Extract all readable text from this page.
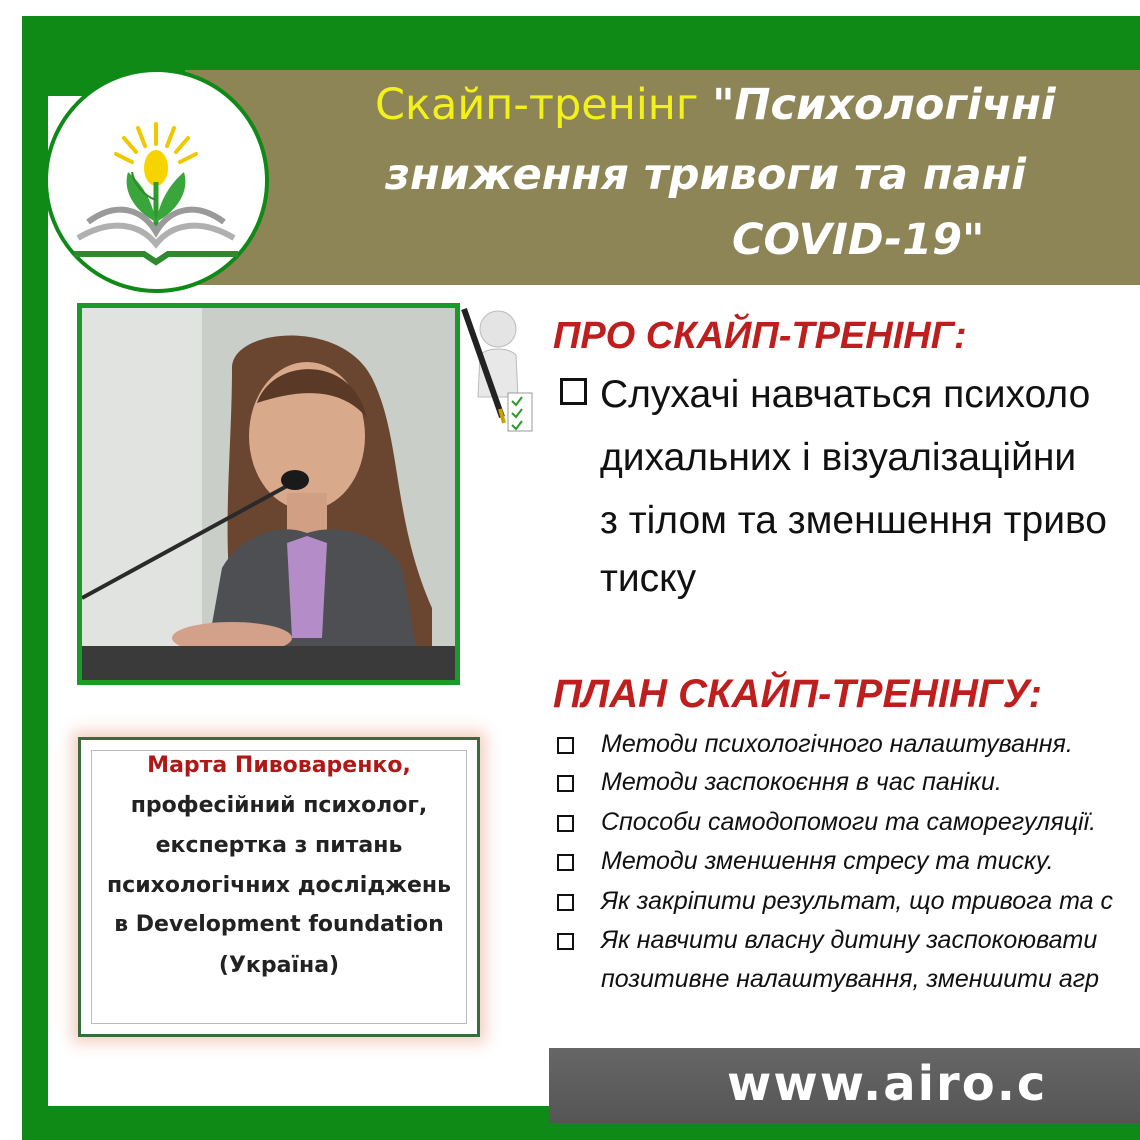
Скайп-тренінг "Психологічні
зниження тривоги та пані
COVID-19"
ПРО СКАЙП-ТРЕНІНГ:
Слухачі навчаться психоло
дихальних і візуалізаційни
з тілом та зменшення триво
тиску
ПЛАН СКАЙП-ТРЕНІНГУ:
Методи психологічного налаштування.
Методи заспокоєння в час паніки.
Способи самодопомоги та саморегуляції.
Методи зменшення стресу та тиску.
Як закріпити результат, що тривога та с
Як навчити власну дитину заспокоювати
позитивне налаштування, зменшити агр
Марта Пивоваренко,
професійний психолог,
експертка з питань
психологічних досліджень
в Development foundation
(Україна)
www.airo.c
